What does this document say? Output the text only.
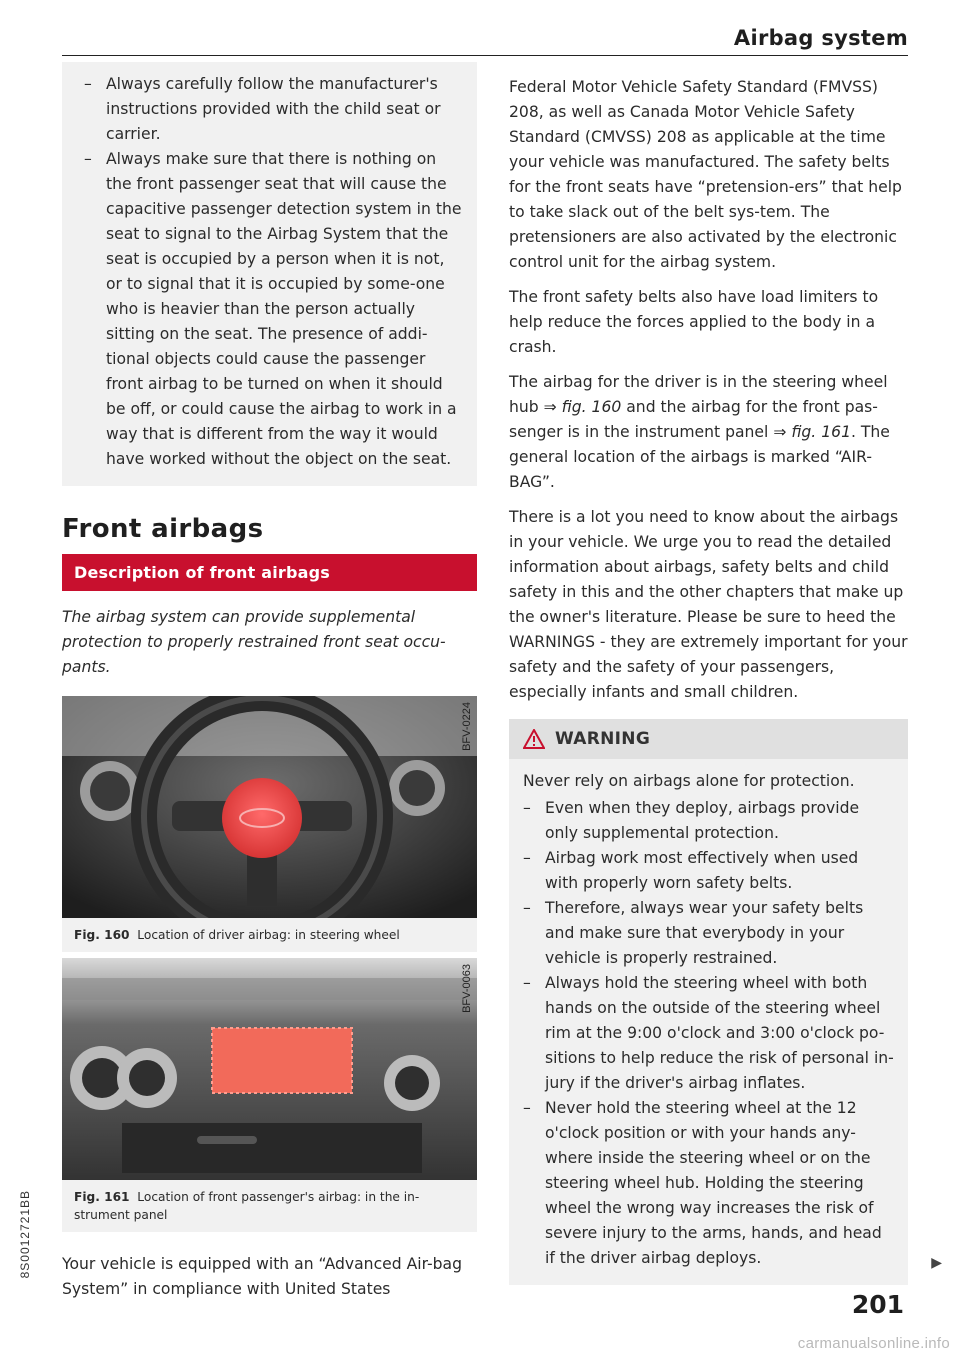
Airbag system
– Always carefully follow the manufacturer's instructions provided with the child seat or carrier.
– Always make sure that there is nothing on the front passenger seat that will cause the capacitive passenger detection system in the seat to signal to the Airbag System that the seat is occupied by a person when it is not, or to signal that it is occupied by some-one who is heavier than the person actually sitting on the seat. The presence of addi-tional objects could cause the passenger front airbag to be turned on when it should be off, or could cause the airbag to work in a way that is different from the way it would have worked without the object on the seat.
Front airbags
Description of front airbags
The airbag system can provide supplemental protection to properly restrained front seat occu-pants.
BFV-0224
Fig. 160 Location of driver airbag: in steering wheel
BFV-0063
Fig. 161 Location of front passenger's airbag: in the in-strument panel

Your vehicle is equipped with an “Advanced Air-bag System” in compliance with United States

Federal Motor Vehicle Safety Standard (FMVSS) 208, as well as Canada Motor Vehicle Safety Standard (CMVSS) 208 as applicable at the time your vehicle was manufactured. The safety belts for the front seats have “pretension-ers” that help to take slack out of the belt sys-tem. The pretensioners are also activated by the electronic control unit for the airbag system.

The front safety belts also have load limiters to help reduce the forces applied to the body in a crash.

The airbag for the driver is in the steering wheel hub ⇒ fig. 160 and the airbag for the front pas-senger is in the instrument panel ⇒ fig. 161. The general location of the airbags is marked “AIR-BAG”.

There is a lot you need to know about the airbags in your vehicle. We urge you to read the detailed information about airbags, safety belts and child safety in this and the other chapters that make up the owner's literature. Please be sure to heed the WARNINGS - they are extremely important for your safety and the safety of your passengers, especially infants and small children.

WARNING

Never rely on airbags alone for protection.

– Even when they deploy, airbags provide only supplemental protection.
– Airbag work most effectively when used with properly worn safety belts.
– Therefore, always wear your safety belts and make sure that everybody in your vehicle is properly restrained.
– Always hold the steering wheel with both hands on the outside of the steering wheel rim at the 9:00 o'clock and 3:00 o'clock po-sitions to help reduce the risk of personal in-jury if the driver's airbag inflates.
– Never hold the steering wheel at the 12 o'clock position or with your hands any-where inside the steering wheel or on the steering wheel hub. Holding the steering wheel the wrong way increases the risk of severe injury to the arms, hands, and head if the driver airbag deploys.	▶
201
8S0012721BB
carmanualsonline.info
